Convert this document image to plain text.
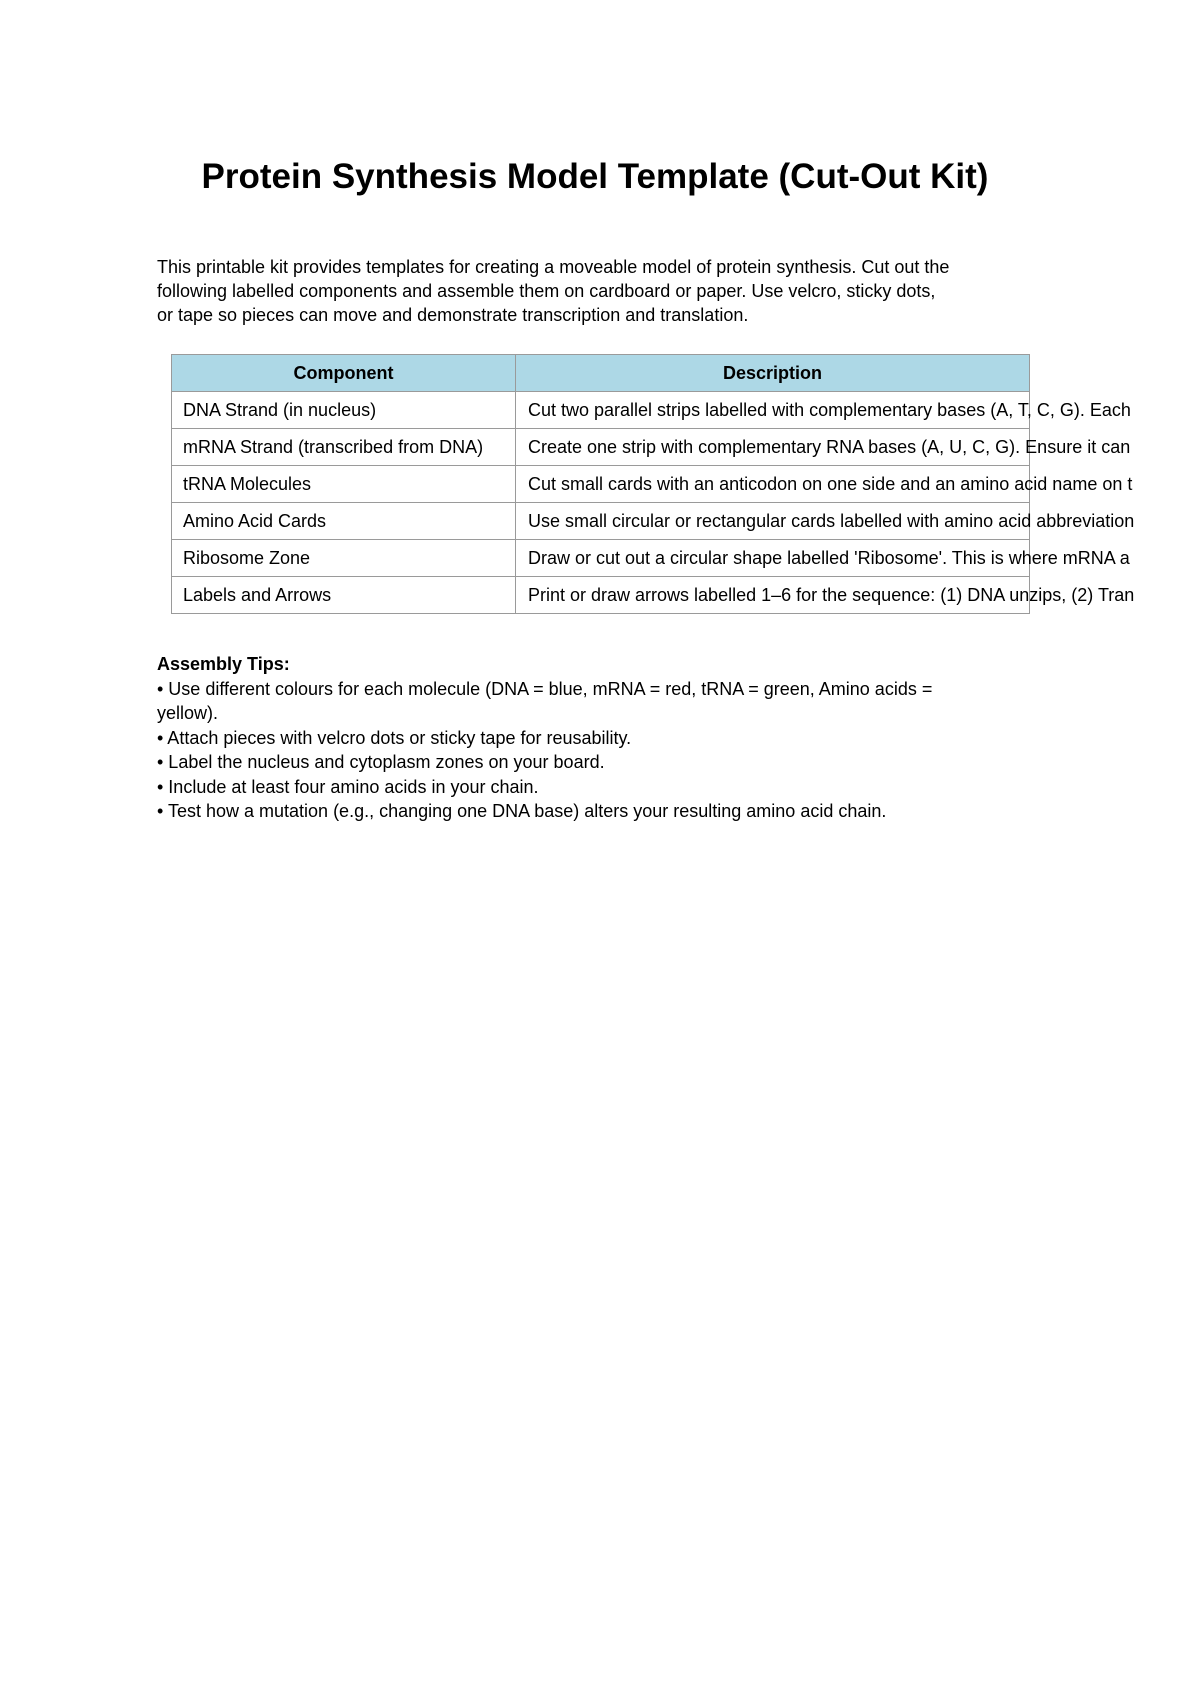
Protein Synthesis Model Template (Cut-Out Kit)
This printable kit provides templates for creating a moveable model of protein synthesis. Cut out the
following labelled components and assemble them on cardboard or paper. Use velcro, sticky dots,
or tape so pieces can move and demonstrate transcription and translation.
Component	Description
DNA Strand (in nucleus)	Cut two parallel strips labelled with complementary bases (A, T, C, G). Each
mRNA Strand (transcribed from DNA)	Create one strip with complementary RNA bases (A, U, C, G). Ensure it can
tRNA Molecules	Cut small cards with an anticodon on one side and an amino acid name on t
Amino Acid Cards	Use small circular or rectangular cards labelled with amino acid abbreviation
Ribosome Zone	Draw or cut out a circular shape labelled 'Ribosome'. This is where mRNA a
Labels and Arrows	Print or draw arrows labelled 1–6 for the sequence: (1) DNA unzips, (2) Tran
Assembly Tips:
• Use different colours for each molecule (DNA = blue, mRNA = red, tRNA = green, Amino acids =
yellow).
• Attach pieces with velcro dots or sticky tape for reusability.
• Label the nucleus and cytoplasm zones on your board.
• Include at least four amino acids in your chain.
• Test how a mutation (e.g., changing one DNA base) alters your resulting amino acid chain.
